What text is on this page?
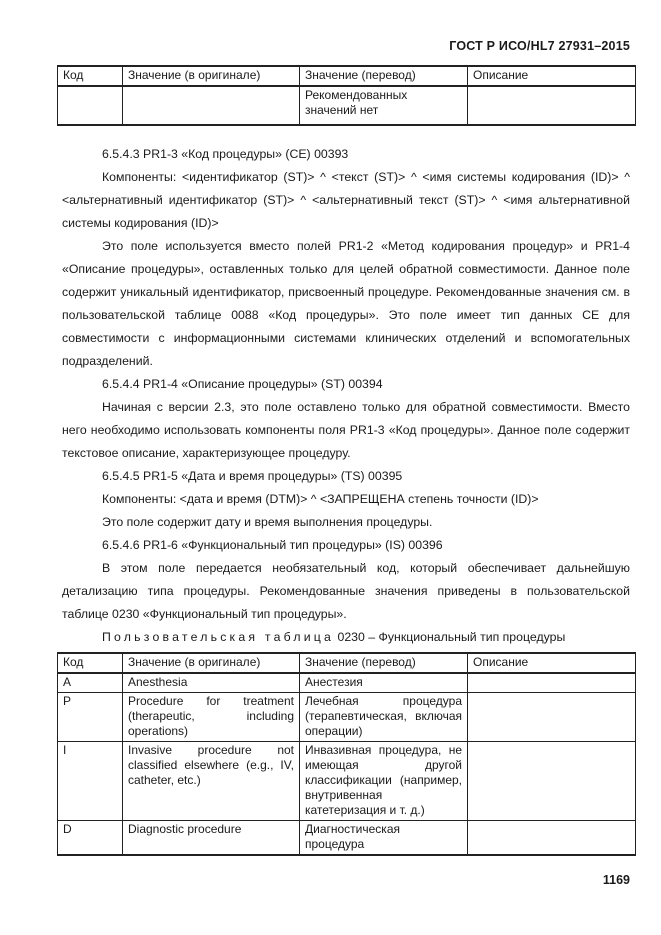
ГОСТ Р ИСО/HL7 27931–2015
Код	Значение (в оригинале)	Значение (перевод)	Описание
		Рекомендованных значений нет	

6.5.4.3 PR1-3 «Код процедуры» (CE) 00393

Компоненты: <идентификатор (ST)> ^ <текст (ST)> ^ <имя системы кодирования (ID)> ^ <альтернативный идентификатор (ST)> ^ <альтернативный текст (ST)> ^ <имя альтернативной системы кодирования (ID)>

Это поле используется вместо полей PR1-2 «Метод кодирования процедур» и PR1-4 «Описание процедуры», оставленных только для целей обратной совместимости. Данное поле содержит уникальный идентификатор, присвоенный процедуре. Рекомендованные значения см. в пользовательской таблице 0088 «Код процедуры». Это поле имеет тип данных CE для совместимости с информационными системами клинических отделений и вспомогательных подразделений.

6.5.4.4 PR1-4 «Описание процедуры» (ST) 00394

Начиная с версии 2.3, это поле оставлено только для обратной совместимости. Вместо него необходимо использовать компоненты поля PR1-3 «Код процедуры». Данное поле содержит текстовое описание, характеризующее процедуру.

6.5.4.5 PR1-5 «Дата и время процедуры» (TS) 00395

Компоненты: <дата и время (DTM)> ^ <ЗАПРЕЩЕНА степень точности (ID)>

Это поле содержит дату и время выполнения процедуры.

6.5.4.6 PR1-6 «Функциональный тип процедуры» (IS) 00396

В этом поле передается необязательный код, который обеспечивает дальнейшую детализацию типа процедуры. Рекомендованные значения приведены в пользовательской таблице 0230 «Функциональный тип процедуры».

Пользовательская таблица 0230 – Функциональный тип процедуры

Код	Значение (в оригинале)	Значение (перевод)	Описание
A	Anesthesia	Анестезия	
P	Procedure for treatment (therapeutic, including operations)	Лечебная процедура (терапевтическая, включая операции)	
I	Invasive procedure not classified elsewhere (e.g., IV, catheter, etc.)	Инвазивная процедура, не имеющая другой классификации (например, внутривенная катетеризация и т. д.)	
D	Diagnostic procedure	Диагностическая процедура	
1169
